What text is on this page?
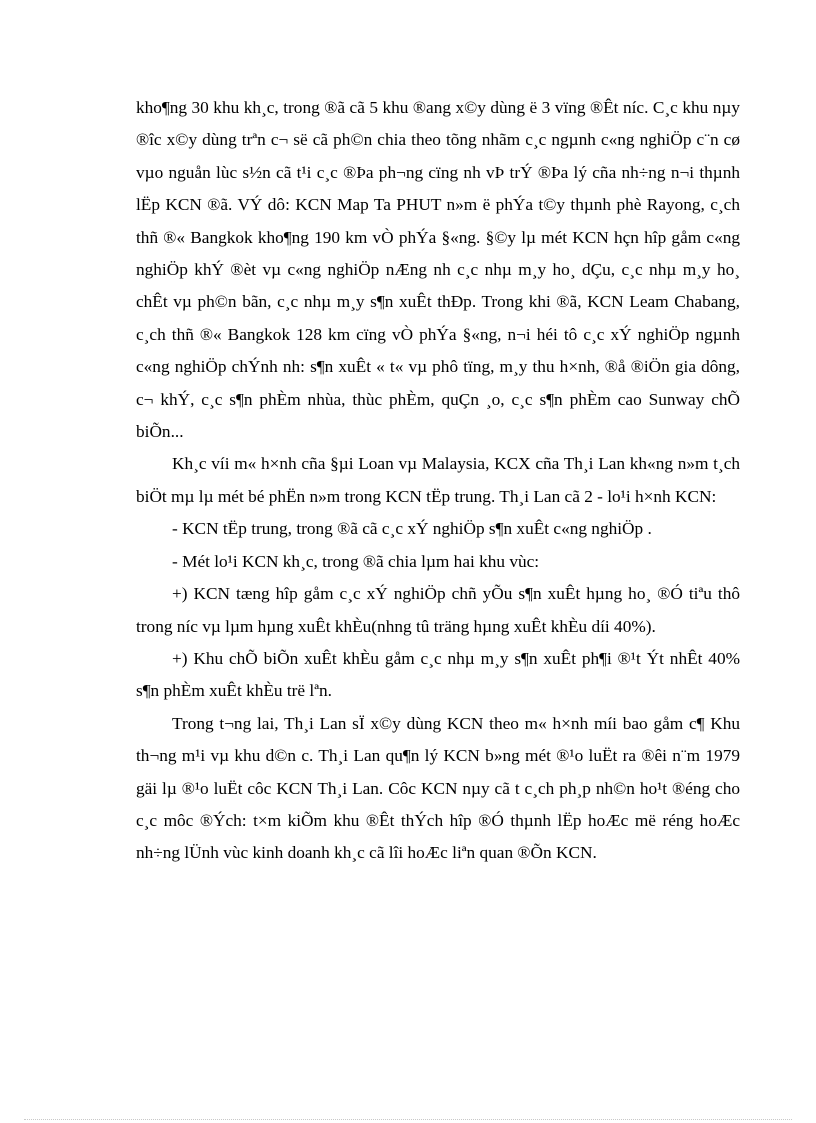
kho¶ng 30 khu kh¸c, trong ®ã cã 5 khu ®ang x©y dùng ë 3 vïng ®Êt níc. C¸c khu nµy ®îc x©y dùng trªn c¬ së cã ph©n chia theo tõng nhãm c¸c ngµnh c«ng nghiÖp c¨n cø vµo nguån lùc s½n cã t¹i c¸c ®Þa ph¬ng cïng nh vÞ trÝ ®Þa lý cña nh÷ng n¬i thµnh lËp KCN ®ã. VÝ dô: KCN Map Ta PHUT n»m ë phÝa t©y thµnh phè Rayong, c¸ch thñ ®« Bangkok kho¶ng 190 km vÒ phÝa §«ng. §©y lµ mét KCN hçn hîp gåm c«ng nghiÖp khÝ ®èt vµ c«ng nghiÖp nÆng nh c¸c nhµ m¸y ho¸ dÇu, c¸c nhµ m¸y ho¸ chÊt vµ ph©n bãn, c¸c nhµ m¸y s¶n xuÊt thÐp. Trong khi ®ã, KCN Leam Chabang, c¸ch thñ ®« Bangkok 128 km cïng vÒ phÝa §«ng, n¬i héi tô c¸c xÝ nghiÖp ngµnh c«ng nghiÖp chÝnh nh: s¶n xuÊt « t« vµ phô tïng, m¸y thu h×nh, ®å ®iÖn gia dông, c¬ khÝ, c¸c s¶n phÈm nhùa, thùc phÈm, quÇn ¸o, c¸c s¶n phÈm cao Sunway chÕ biÕn...

Kh¸c víi m« h×nh cña §µi Loan vµ Malaysia, KCX cña Th¸i Lan kh«ng n»m t¸ch biÖt mµ lµ mét bé phËn n»m trong KCN tËp trung. Th¸i Lan cã 2 - lo¹i h×nh KCN:

- KCN tËp trung, trong ®ã cã c¸c xÝ nghiÖp s¶n xuÊt c«ng nghiÖp .

- Mét lo¹i KCN kh¸c, trong ®ã chia lµm hai khu vùc:

+) KCN tæng hîp gåm c¸c xÝ nghiÖp chñ yÕu s¶n xuÊt hµng ho¸ ®Ó tiªu thô trong níc vµ lµm hµng xuÊt khÈu(nhng tû träng hµng xuÊt khÈu díi 40%).

+) Khu chÕ biÕn xuÊt khÈu gåm c¸c nhµ m¸y s¶n xuÊt ph¶i ®¹t Ýt nhÊt 40% s¶n phÈm xuÊt khÈu trë lªn.

Trong t¬ng lai, Th¸i Lan sÏ x©y dùng KCN theo m« h×nh míi bao gåm c¶ Khu th¬ng m¹i vµ khu d©n c. Th¸i Lan qu¶n lý KCN b»ng mét ®¹o luËt ra ®êi n¨m 1979 gäi lµ ®¹o luËt côc KCN Th¸i Lan. Côc KCN nµy cã t c¸ch ph¸p nh©n ho¹t ®éng cho c¸c môc ®Ých: t×m kiÕm khu ®Êt thÝch hîp ®Ó thµnh lËp hoÆc më réng hoÆc nh÷ng lÜnh vùc kinh doanh kh¸c cã lîi hoÆc liªn quan ®Õn KCN.
